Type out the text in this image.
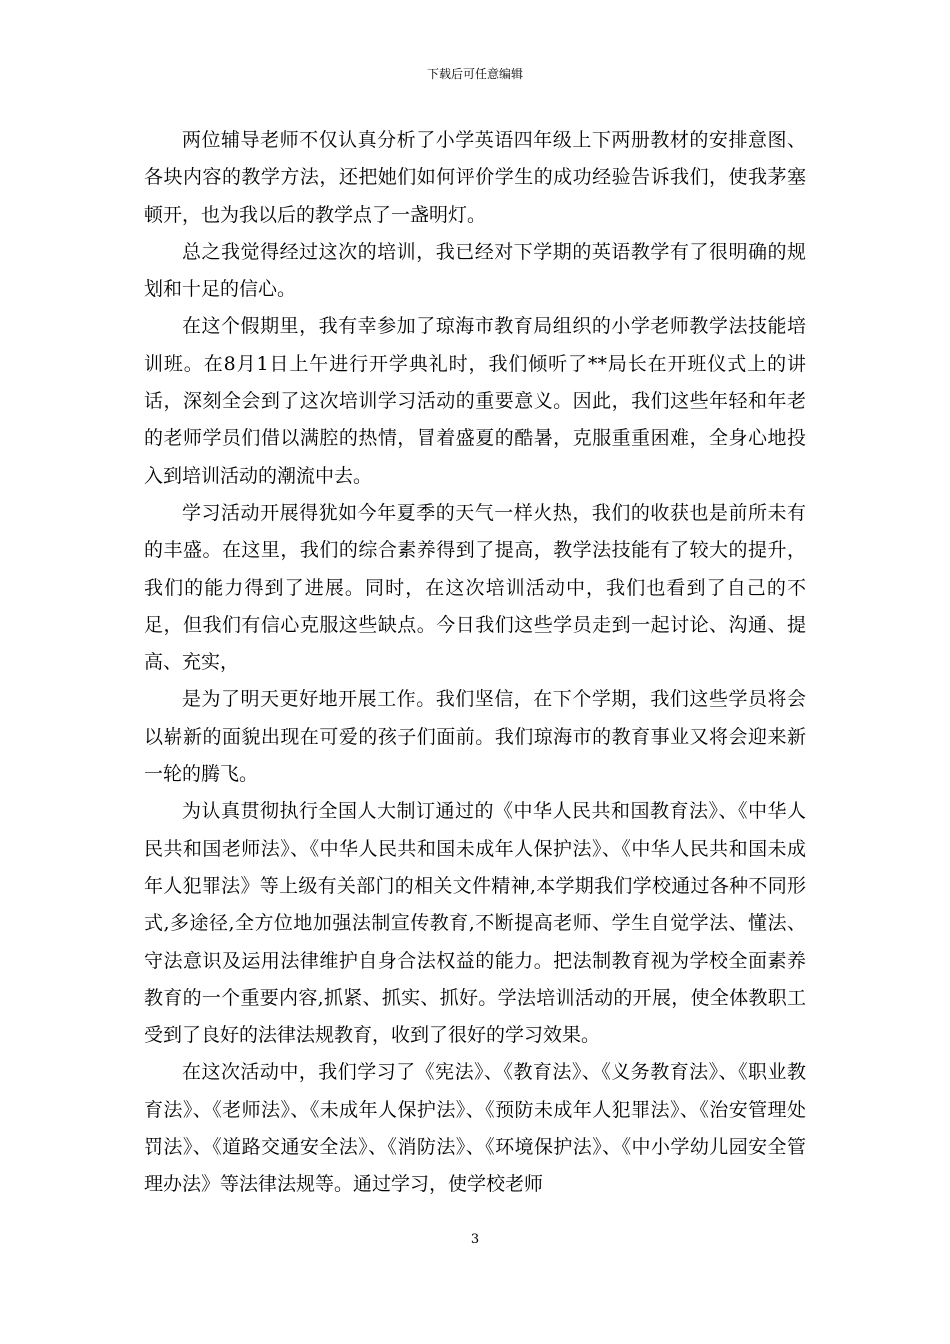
下载后可任意编辑

两位辅导老师不仅认真分析了小学英语四年级上下两册教材的安排意图、各块内容的教学方法，还把她们如何评价学生的成功经验告诉我们，使我茅塞顿开，也为我以后的教学点了一盏明灯。

总之我觉得经过这次的培训，我已经对下学期的英语教学有了很明确的规划和十足的信心。

在这个假期里，我有幸参加了琼海市教育局组织的小学老师教学法技能培训班。在8月1日上午进行开学典礼时，我们倾听了**局长在开班仪式上的讲话，深刻全会到了这次培训学习活动的重要意义。因此，我们这些年轻和年老的老师学员们借以满腔的热情，冒着盛夏的酷暑，克服重重困难，全身心地投入到培训活动的潮流中去。

学习活动开展得犹如今年夏季的天气一样火热，我们的收获也是前所未有的丰盛。在这里，我们的综合素养得到了提高，教学法技能有了较大的提升，我们的能力得到了进展。同时，在这次培训活动中，我们也看到了自己的不足，但我们有信心克服这些缺点。今日我们这些学员走到一起讨论、沟通、提高、充实，

是为了明天更好地开展工作。我们坚信，在下个学期，我们这些学员将会以崭新的面貌出现在可爱的孩子们面前。我们琼海市的教育事业又将会迎来新一轮的腾飞。

为认真贯彻执行全国人大制订通过的《中华人民共和国教育法》、《中华人民共和国老师法》、《中华人民共和国未成年人保护法》、《中华人民共和国未成年人犯罪法》等上级有关部门的相关文件精神,本学期我们学校通过各种不同形式,多途径,全方位地加强法制宣传教育,不断提高老师、学生自觉学法、懂法、守法意识及运用法律维护自身合法权益的能力。把法制教育视为学校全面素养教育的一个重要内容,抓紧、抓实、抓好。学法培训活动的开展，使全体教职工受到了良好的法律法规教育，收到了很好的学习效果。

在这次活动中，我们学习了《宪法》、《教育法》、《义务教育法》、《职业教育法》、《老师法》、《未成年人保护法》、《预防未成年人犯罪法》、《治安管理处罚法》、《道路交通安全法》、《消防法》、《环境保护法》、《中小学幼儿园安全管理办法》等法律法规等。通过学习，使学校老师

3
